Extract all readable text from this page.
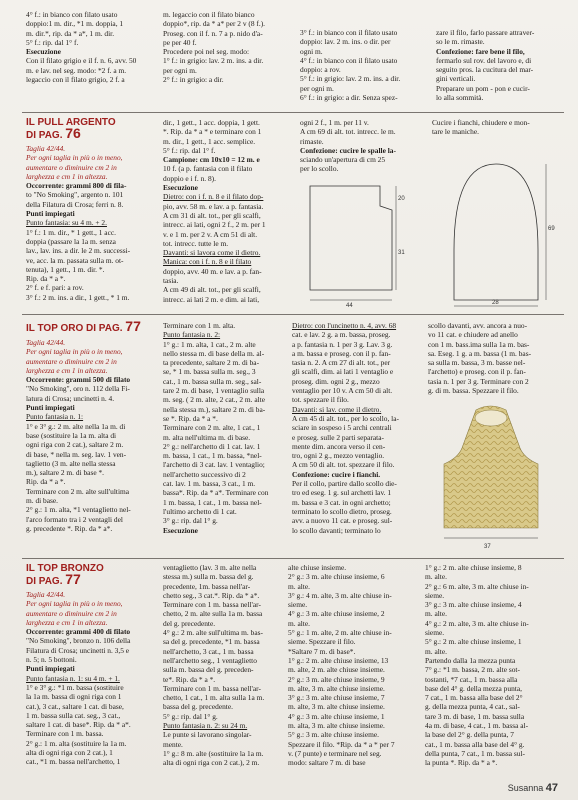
4° f.: in bianco con filato usato

doppio:1 m. dir., *1 m. doppia, 1

m. dir.*, rip. da * a*, 1 m. dir.

5° f.: rip. dal 1° f.

Esecuzione

Con il filato grigio e il f. n. 6, avv. 50

m. e lav. nel seg. modo: *2 f. a m.

legaccio con il filato grigio, 2 f. a

m. legaccio con il filato bianco

doppio*, rip. da * a* per 2 v (8 f.).

Proseg. con il f. n. 7 a p. nido d'a-

pe per 40 f.

Procedere poi nel seg. modo:

1° f.: in grigio: lav. 2 m. ins. a dir.

per ogni m.

2° f.: in grigio: a dir.

3° f.: in bianco con il filato usato

doppio: lav. 2 m. ins. o dir. per

ogni m.

4° f.: in bianco con il filato usato

doppio: a rov.

5° f.: in grigio: lav. 2 m. ins. a dir.

per ogni m.

6° f.: in grigio: a dir. Senza spez-

zare il filo, farlo passare attraver-

so le m. rimaste.

Confezione: fare bene il filo,

fermarlo sul rov. del lavoro e, di

seguito pros. la cucitura del mar-

gini verticali.

Preparare un pom - pon e cucir-

lo alla sommità.

IL PULL ARGENTO
DI PAG. 76

Taglia 42/44.

Per ogni taglia in più o in meno,

aumentare o diminuire cm 2 in

larghezza e cm 1 in altezza.

Occorrente: grammi 800 di fila-

to "No Smoking", argento n. 101

della Filatura di Crosa; ferri n. 8.

Punti impiegati

Punto fantasia: su 4 m. + 2.

1° f.: 1 m. dir., * 1 gett., 1 acc.

doppia (passare la 1a m. senza

lav., lav. ins. a dir. le 2 m. successi-

ve, acc. la m. passata sulla m. ot-

tenuta), 1 gett., 1 m. dir. *.

Rip. da * a *.

2° f. e f. pari: a rov.

3° f.: 2 m. ins. a dir., 1 gett., * 1 m.

dir., 1 gett., 1 acc. doppia, 1 gett.

*. Rip. da * a * e terminare con 1

m. dir., 1 gett., 1 acc. semplice.

5° f.: rip. dal 1° f.

Campione: cm 10x10 = 12 m. e

10 f. (a p. fantasia con il filato

doppio e i f. n. 8).

Esecuzione

Dietro: con i f. n. 8 e il filato dop-

pio, avv. 58 m. e lav. a p. fantasia.

A cm 31 di alt. tot., per gli scalfi,

intrecc. ai lati, ogni 2 f., 2 m. per 1

v. e 1 m. per 2 v. A cm 51 di alt.

tot. intrecc. tutte le m.

Davanti: si lavora come il dietro.

Manica: con i f. n. 8 e il filato

doppio, avv. 40 m. e lav. a p. fan-

tasia.

A cm 49 di alt. tot., per gli scalfi,

intrecc. ai lati 2 m. e dim. ai lati,

ogni 2 f., 1 m. per 11 v.

A cm 69 di alt. tot. intrecc. le m.

rimaste.

Confezione: cucire le spalle la-

sciando un'apertura di cm 25

per lo scollo.

Cucire i fianchi, chiudere e mon-

tare le maniche.

20
31
44
69
28
IL TOP ORO DI PAG. 77

Taglia 42/44.

Per ogni taglia in più o in meno,

aumentare o diminuire cm 2 in

larghezza e cm 1 in altezza.

Occorrente: grammi 500 di filato

"No Smoking", oro n. 112 della Fi-

latura di Crosa; uncinetti n. 4.

Punti impiegati

Punto fantasia n. 1:

1° e 3° g.: 2 m. alte nella 1a m. di

base (sostituire la 1a m. alta di

ogni riga con 2 cat.), saltare 2 m.

di base, * nella m. seg. lav. 1 ven-

taglietto (3 m. alte nella stessa

m.), saltare 2 m. di base *.

Rip. da * a *.

Terminare con 2 m. alte sull'ultima

m. di base.

2° g.: 1 m. alta, *1 ventaglietto nel-

l'arco formato tra i 2 ventagli del

g. precedente *. Rip. da * a*.

Terminare con 1 m. alta.

Punto fantasia n. 2:

1° g.: 1 m. alta, 1 cat., 2 m. alte

nello stessa m. di base della m. al-

ta precedente, saltare 2 m. di ba-

se, * 1 m. bassa sulla m. seg., 3

cat., 1 m. bassa sulla m. seg., sal-

tare 2 m. di base, 1 ventaglio sulla

m. seg. ( 2 m. alte, 2 cat., 2 m. alte

nella stessa m.), saltare 2 m. di ba-

se *. Rip. da * a *.

Terminare con 2 m. alte, 1 cat., 1

m. alta nell'ultima m. di base.

2° g.: nell'archetto di 1 cat. lav. 1

m. bassa, 1 cat., 1 m. bassa, *nel-

l'archetto di 3 cat. lav. 1 ventaglio;

nell'archetto successivo di 2

cat. lav. 1 m. bassa, 3 cat., 1 m.

bassa*. Rip. da * a*. Terminare con

1 m. bassa, 1 cat., 1 m. bassa nel-

l'ultimo archetto di 1 cat.

3° g.: rip. dal 1° g.

Esecuzione

Dietro: con l'uncinetto n. 4, avv. 68

cat. e lav. 2 g. a m. bassa, proseg.

a p. fantasia n. 1 per 3 g. Lav. 3 g.

a m. bassa e proseg. con il p. fan-

tasia n. 2. A cm 27 di alt. tot., per

gli scalfi, dim. ai lati 1 ventaglio e

proseg. dim. ogni 2 g., mezzo

ventaglio per 10 v. A cm 50 di alt.

tot. spezzare il filo.

Davanti: si lav. come il dietro.

A cm 45 di alt. tot., per lo scollo, la-

sciare in sospeso i 5 archi centrali

e proseg. sulle 2 parti separata-

mente dim. ancora verso il cen-

tro, ogni 2 g., mezzo ventaglio.

A cm 50 di alt. tot. spezzare il filo.

Confezione: cucire i fianchi.

Per il collo, partire dallo scollo die-

tro ed eseg. 1 g. sul archetti lav. 1

m. bassa e 3 cat. in ogni archetto;

terminato lo scollo dietro, proseg.

avv. a nuovo 11 cat. e proseg. sul-

lo scollo davanti; terminato lo

scollo davanti, avv. ancora a nuo-

vo 11 cat. e chiudere ad anello

con 1 m. bass.ima sulla 1a m. bas-

sa. Eseg. 1 g. a m. bassa (1 m. bas-

sa sulla m. bassa, 3 m. basse nel-

l'archetto) e proseg. con il p. fan-

tasia n. 1 per 3 g. Terminare con 2

g. di m. bassa. Spezzare il filo.

37
IL TOP BRONZO
DI PAG. 77

Taglia 42/44.

Per ogni taglia in più o in meno,

aumentare o diminuire cm 2 in

larghezza e cm 1 in altezza.

Occorrente: grammi 400 di filato

"No Smoking", bronzo n. 106 della

Filatura di Crosa; uncinetti n. 3,5 e

n. 5; n. 5 bottoni.

Punti impiegati

Punto fantasia n. 1: su 4 m. + 1.

1° e 3° g.: *1 m. bassa (sostituire

la 1a m. bassa di ogni riga con 1

cat.), 3 cat., saltare 1 cat. di base,

1 m. bassa sulla cat. seg., 3 cat.,

saltare 1 cat. di base*. Rip. da * a*.

Terminare con 1 m. bassa.

2° g.: 1 m. alta (sostituire la 1a m.

alta di ogni riga con 2 cat.), 1

cat., *1 m. bassa nell'archetto, 1

ventaglietto (lav. 3 m. alte nella

stessa m.) sulla m. bassa del g.

precedente, 1m. bassa nell'ar-

chetto seg., 3 cat.*. Rip. da * a*.

Terminare con 1 m. bassa nell'ar-

chetto, 2 m. alte sulla 1a m. bassa

del g. precedente.

4° g.: 2 m. alte sull'ultima m. bas-

sa del g. precedente, *1 m. bassa

nell'archetto, 3 cat., 1 m. bassa

nell'archetto seg., 1 ventaglietto

sulla m. bassa del g. preceden-

te*. Rip. da * a *.

Terminare con 1 m. bassa nell'ar-

chetto, 1 cat., 1 m. alta sulla 1a m.

bassa del g. precedente.

5° g.: rip. dal 1° g.

Punto fantasia n. 2: su 24 m.

Le punte si lavorano singolar-

mente.

1° g.: 8 m. alte (sostituire la 1a m.

alta di ogni riga con 2 cat.), 2 m.

alte chiuse insieme.

2° g.: 3 m. alte chiuse insieme, 6

m. alte.

3° g.: 4 m. alte, 3 m. alte chiuse in-

sieme.

4° g.: 3 m. alte chiuse insieme, 2

m. alte.

5° g.: 1 m. alte, 2 m. alte chiuse in-

sieme. Spezzare il filo.

*Saltare 7 m. di base*.

1° g.: 2 m. alte chiuse insieme, 13

m. alte, 2 m. alte chiuse insieme.

2° g.: 3 m. alte chiuse insieme, 9

m. alte, 3 m. alte chiuse insieme.

3° g.: 3 m. alte chiuse insieme, 7

m. alte, 3 m. alte chiuse insieme.

4° g.: 3 m. alte chiuse insieme, 1

m. alta, 3 m. alte chiuse insieme.

5° g.: 3 m. alte chiuse insieme.

Spezzare il filo. *Rip. da * a * per 7

v. (7 punte) e terminare nel seg.

modo: saltare 7 m. di base

1° g.: 2 m. alte chiuse insieme, 8

m. alte.

2° g.: 6 m. alte, 3 m. alte chiuse in-

sieme.

3° g.: 3 m. alte chiuse insieme, 4

m. alte.

4° g.: 2 m. alte, 3 m. alte chiuse in-

sieme.

5° g.: 2 m. alte chiuse insieme, 1

m. alte.

Partendo dalla 1a mezza punta

7° g.: *1 m. bassa, 2 m. alte sot-

tostanti, *7 cat., 1 m. bassa alla

base del 4° g. della mezza punta,

7 cat., 1 m. bassa alla base del 2°

g. della mezza punta, 4 cat., sal-

tare 3 m. di base, 1 m. bassa sulla

4a m. di base, 4 cat., 1 m. bassa al-

la base del 2° g. della punta, 7

cat., 1 m. bassa alla base del 4° g.

della punta, 7 cat., 1 m. bassa sul-

la punta *. Rip. da * a *.

Susanna 47
